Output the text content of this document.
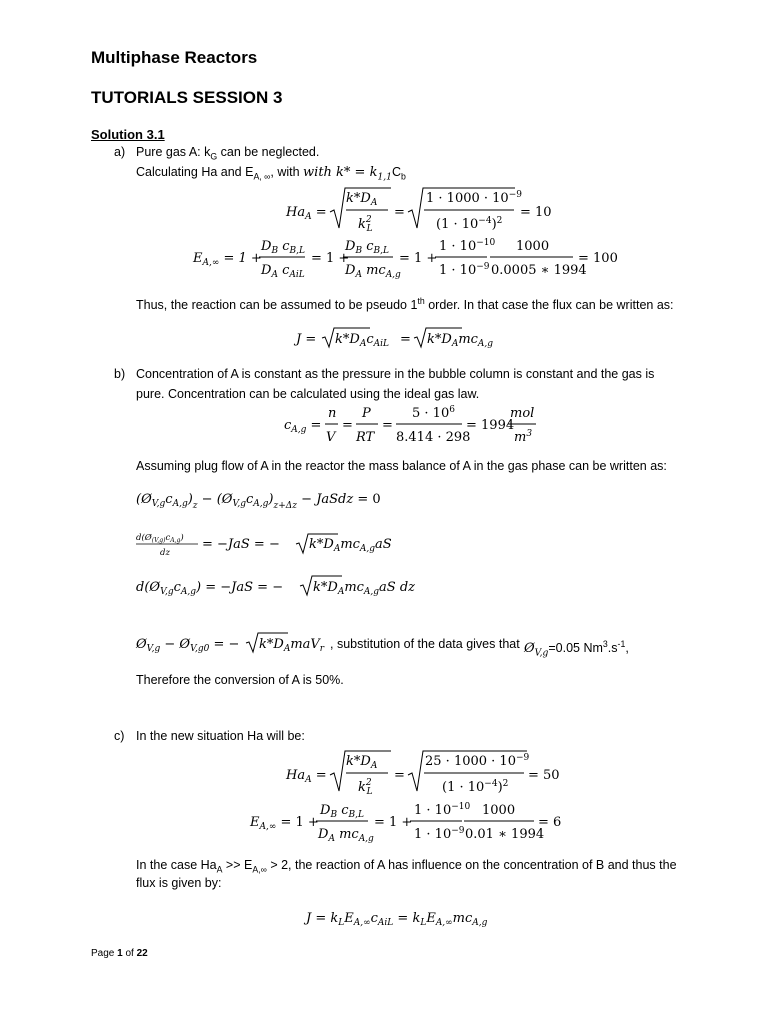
Multiphase Reactors
TUTORIALS SESSION 3
Solution 3.1
a) Pure gas A: $k_G$ can be neglected.
Calculating Ha and $E_{A, \infty}$, with with $k* = k_{1,1}C_b$
$Ha_A$ =
$k*D_A$
$k^2$ L
=
$1 \cdot 1000 \cdot 10^{-9}$
$(1 \cdot 10^{-4})^2$
= 10
$E_{A,\infty} = 1$ +
$D_B$ $c_{B,L}$
$D_A$ $c_{AiL}$
= 1 +
$D_B$ $c_{B,L}$
$D_A$ $mc_{A,g}$
= 1 +
$1 \cdot 10^{-10}$
$1 \cdot 10^{-9}$
1000
0.0005 ∗ 1994
= 100
Thus, the reaction can be assumed to be pseudo 1th order. In that case the flux can be written as:
$J = k*D_Ac_{AiL} = k*D_Amc_{A,g}$
b) Concentration of A is constant as the pressure in the bubble column is constant and the gas is
pure. Concentration can be calculated using the ideal gas law.
$c_{A,g}$ =
n
V
=
P
RT
=
$5 \cdot 10^6$
8.414 · 298
= 1994
mol
$m^3$
Assuming plug flow of A in the reactor the mass balance of A in the gas phase can be written as:
$(Ø_{V,g}c_{A,g})_z$ − $(Ø_{V,g}c_{A,g})_{z+\Delta z}$ − JaSdz = 0
$d(Ø_{(V,g)}c_{A,g})$
dz
= −JaS = − $k*D_Amc_{A,g}aS$
$d(Ø_{V,g}c_{A,g}) = -JaS$ = − $k*D_Amc_{A,g}aS$ dz
$Ø_{V,g}$ − $Ø_{V,g0}$ = − $k*D_AmaV_r$ , substitution of the data gives that $Ø_{V,g}=0.05$ $Nm^3.s^{-1}$,
Therefore the conversion of A is 50%.
c) In the new situation Ha will be:
$Ha_A$ =
$k*D_A$
$k^2$ L
=
$25 \cdot 1000 \cdot 10^{-9}$
$(1 \cdot 10^{-4})^2$
= 50
$E_{A,\infty} = 1$ +
$D_B$ $c_{B,L}$
$D_A$ $mc_{A,g}$
= 1 +
$1 \cdot 10^{-10}$
$1 \cdot 10^{-9}$
1000
0.01 ∗ 1994
= 6
In the case $Ha_A >> E_{A,\infty} > 2$, the reaction of A has influence on the concentration of B and thus the
flux is given by:
$J = k_LE_{A,\infty}c_{AiL} = k_LE_{A,\infty}mc_{A,g}$
Page 1 of 22
